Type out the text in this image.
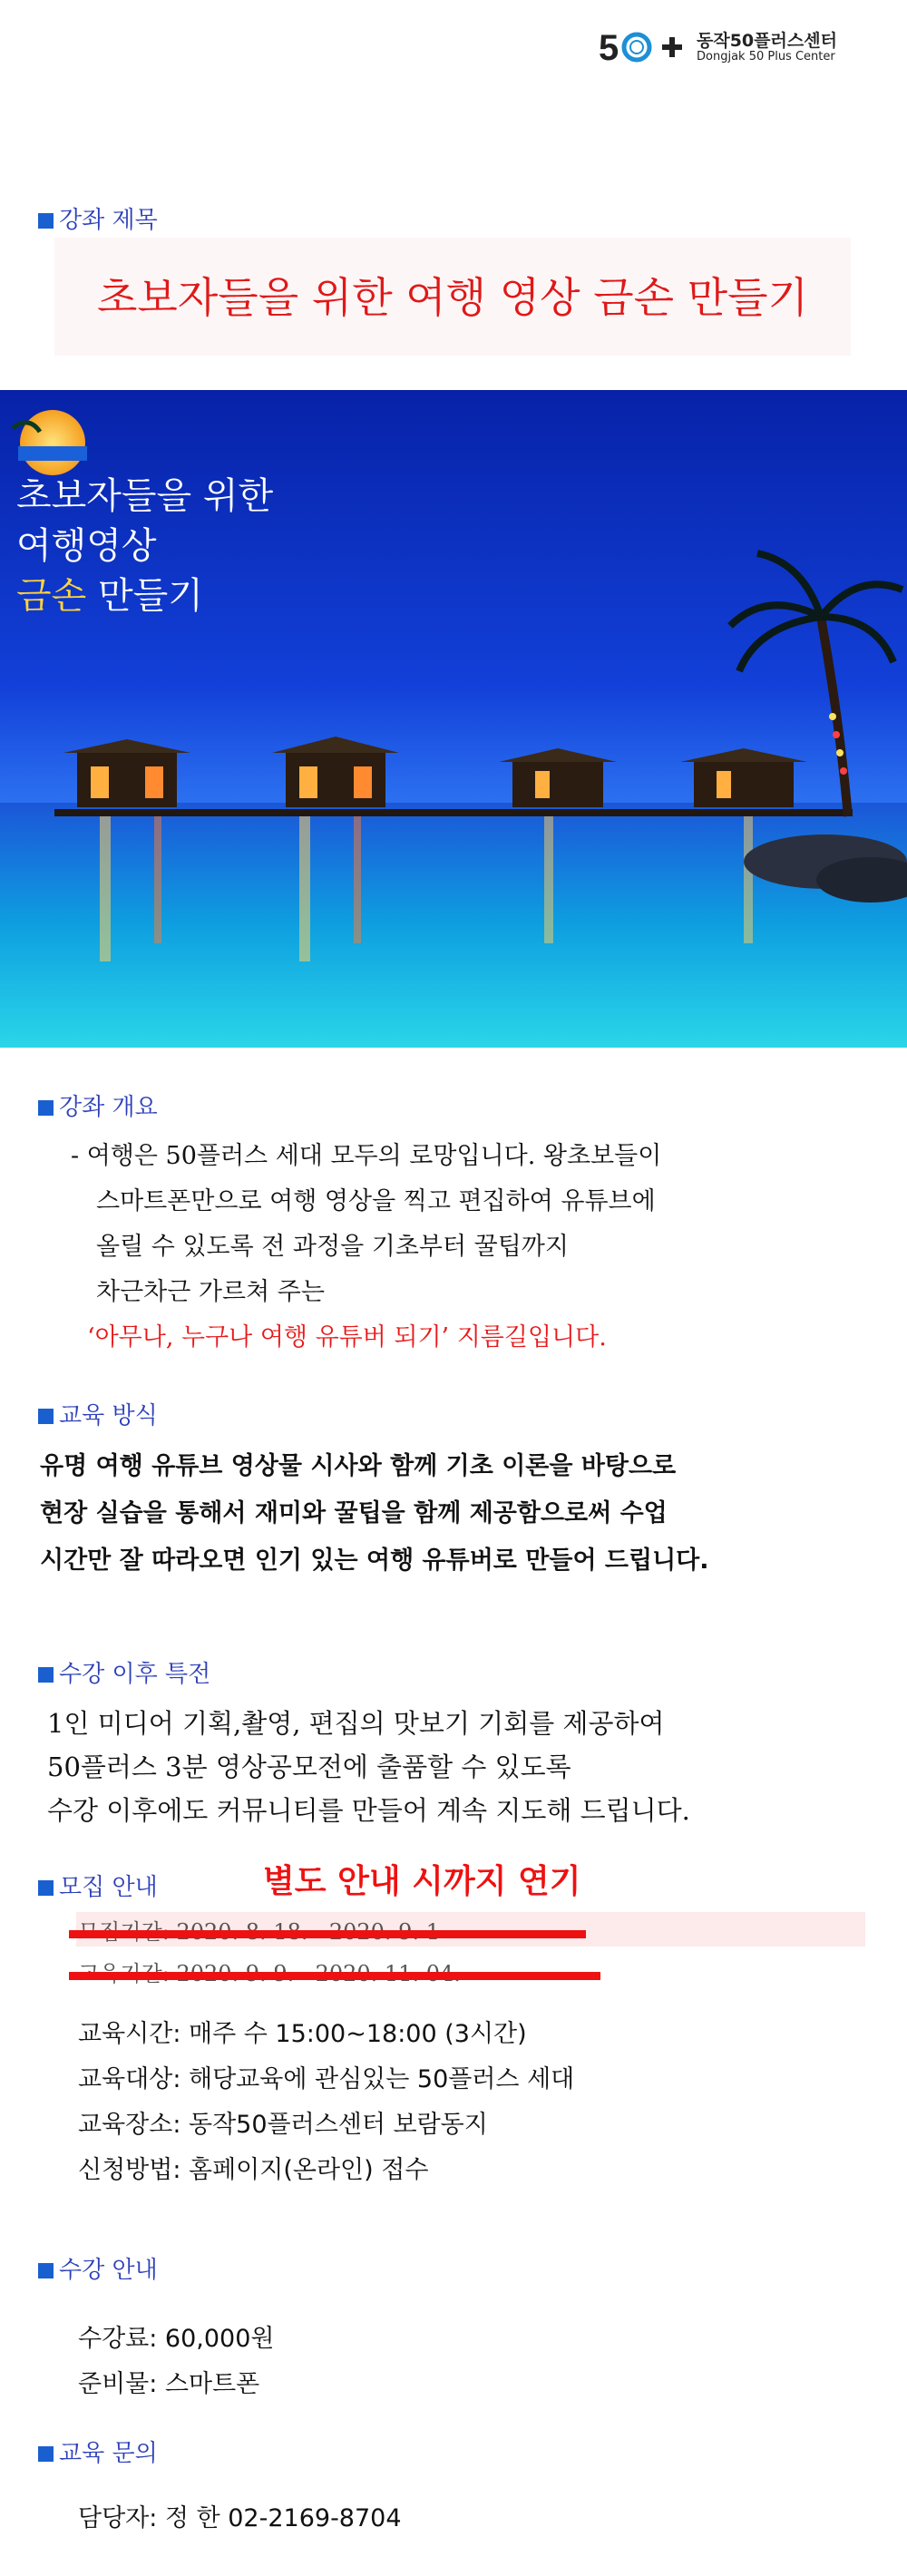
5	동작50플러스센터
Dongjak 50 Plus Center
강좌 제목
초보자들을 위한 여행 영상 금손 만들기
초보자들을 위한
여행영상
금손 만들기
강좌 개요
- 여행은 50플러스 세대 모두의 로망입니다. 왕초보들이
스마트폰만으로 여행 영상을 찍고 편집하여 유튜브에
올릴 수 있도록 전 과정을 기초부터 꿀팁까지
차근차근 가르쳐 주는
‘아무나, 누구나 여행 유튜버 되기’ 지름길입니다.
교육 방식
유명 여행 유튜브 영상물 시사와 함께 기초 이론을 바탕으로
현장 실습을 통해서 재미와 꿀팁을 함께 제공함으로써 수업
시간만 잘 따라오면 인기 있는 여행 유튜버로 만들어 드립니다.
수강 이후 특전
1인 미디어 기획,촬영, 편집의 맛보기 기회를 제공하여
50플러스 3분 영상공모전에 출품할 수 있도록
수강 이후에도 커뮤니티를 만들어 계속 지도해 드립니다.
모집 안내	별도 안내 시까지 연기
교육시간: 매주 수 15:00~18:00 (3시간)
교육대상: 해당교육에 관심있는 50플러스 세대
교육장소: 동작50플러스센터 보람동지
신청방법: 홈페이지(온라인) 접수
수강 안내
수강료: 60,000원
준비물: 스마트폰
교육 문의
담당자: 정 한 02-2169-8704
